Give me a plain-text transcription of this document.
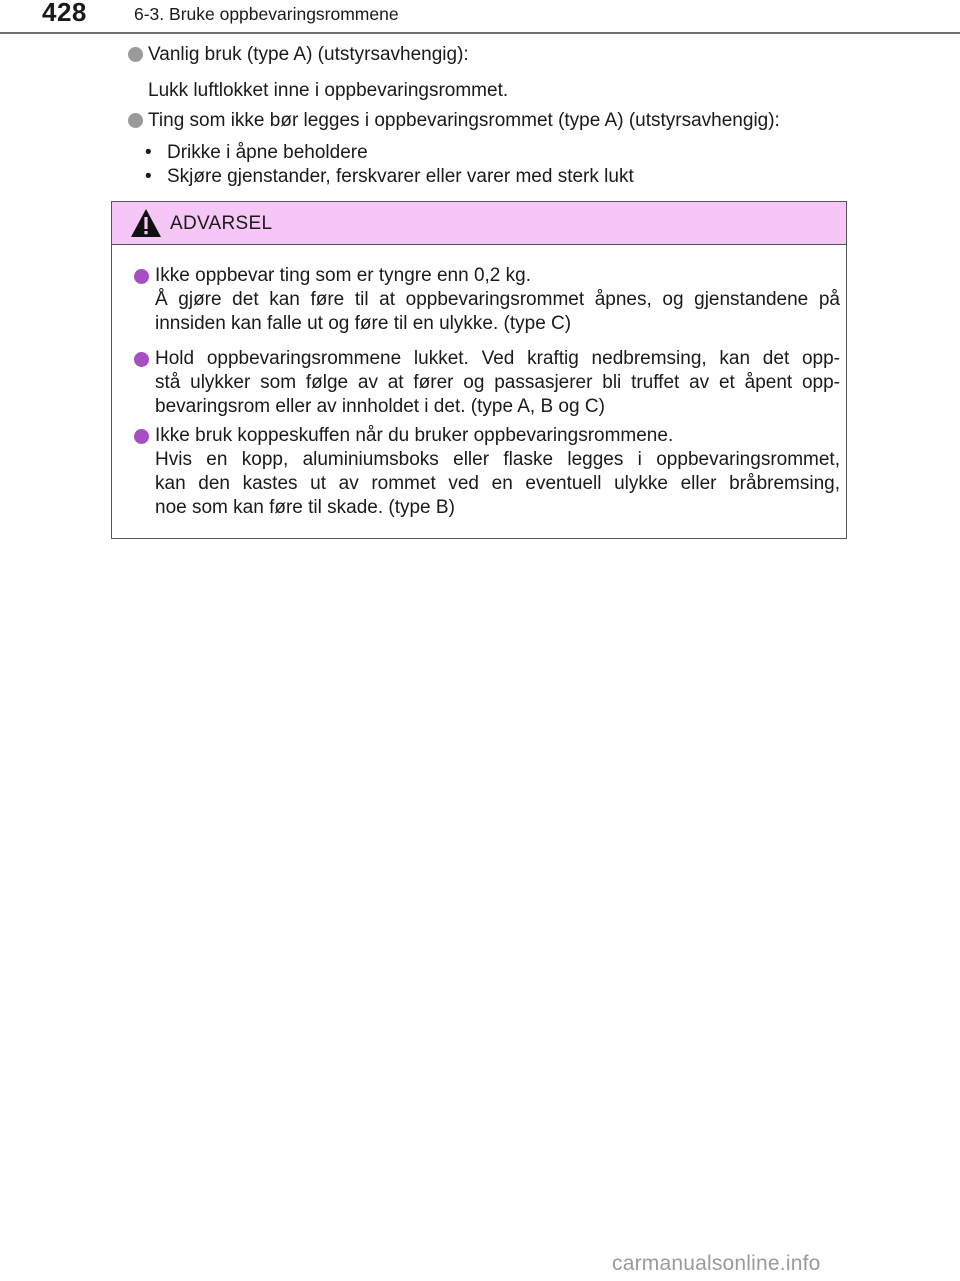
428	6-3. Bruke oppbevaringsrommene
Vanlig bruk (type A) (utstyrsavhengig):
Lukk luftlokket inne i oppbevaringsrommet.
Ting som ikke bør legges i oppbevaringsrommet (type A) (utstyrsavhengig):
• Drikke i åpne beholdere
• Skjøre gjenstander, ferskvarer eller varer med sterk lukt
ADVARSEL
Ikke oppbevar ting som er tyngre enn 0,2 kg.
Å gjøre det kan føre til at oppbevaringsrommet åpnes, og gjenstandene på
innsiden kan falle ut og føre til en ulykke. (type C)
Hold oppbevaringsrommene lukket. Ved kraftig nedbremsing, kan det opp-
stå ulykker som følge av at fører og passasjerer bli truffet av et åpent opp-
bevaringsrom eller av innholdet i det. (type A, B og C)
Ikke bruk koppeskuffen når du bruker oppbevaringsrommene.
Hvis en kopp, aluminiumsboks eller flaske legges i oppbevaringsrommet,
kan den kastes ut av rommet ved en eventuell ulykke eller bråbremsing,
noe som kan føre til skade. (type B)
carmanualsonline.info
